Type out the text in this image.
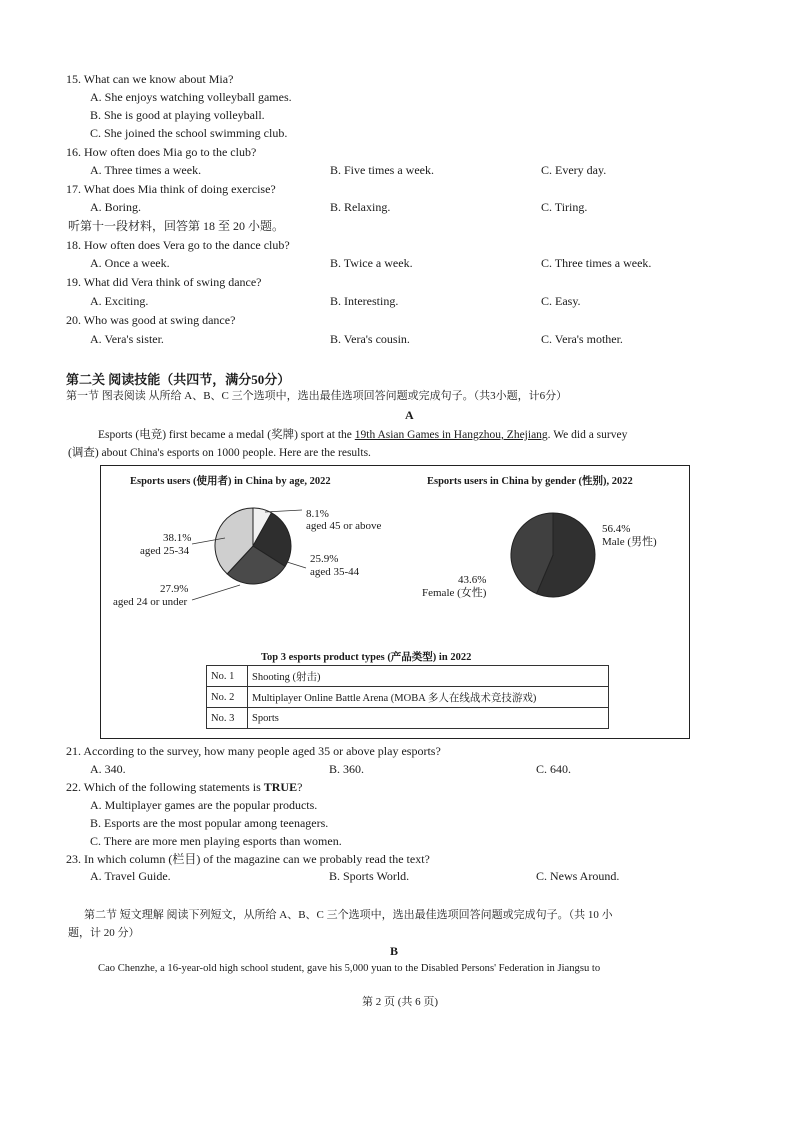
15. What can we know about Mia?
A. She enjoys watching volleyball games.
B. She is good at playing volleyball.
C. She joined the school swimming club.
16. How often does Mia go to the club?
A. Three times a week.	B. Five times a week.	C. Every day.
17. What does Mia think of doing exercise?
A. Boring.	B. Relaxing.	C. Tiring.
听第十一段材料，回答第 18 至 20 小题。
18. How often does Vera go to the dance club?
A. Once a week.	B. Twice a week.	C. Three times a week.
19. What did Vera think of swing dance?
A. Exciting.	B. Interesting.	C. Easy.
20. Who was good at swing dance?
A. Vera's sister.	B. Vera's cousin.	C. Vera's mother.
第二关 阅读技能（共四节，满分50分）
第一节 图表阅读 从所给 A、B、C 三个选项中，选出最佳选项回答问题或完成句子。（共3小题，计6分）
A
Esports (电竞) first became a medal (奖牌) sport at the 19th Asian Games in Hangzhou, Zhejiang. We did a survey
(调查) about China's esports on 1000 people. Here are the results.
Esports users (使用者) in China by age, 2022
8.1%
aged 45 or above
25.9%
aged 35-44
38.1%
aged 25-34
27.9%
aged 24 or under
Esports users in China by gender (性别), 2022
56.4%
Male (男性)
43.6%
Female (女性)
Top 3 esports product types (产品类型) in 2022
No. 1	Shooting (射击)
No. 2	Multiplayer Online Battle Arena (MOBA 多人在线战术竞技游戏)
No. 3	Sports
21. According to the survey, how many people aged 35 or above play esports?
A. 340.	B. 360.	C. 640.
22. Which of the following statements is TRUE?
A. Multiplayer games are the popular products.
B. Esports are the most popular among teenagers.
C. There are more men playing esports than women.
23. In which column (栏目) of the magazine can we probably read the text?
A. Travel Guide.	B. Sports World.	C. News Around.
第二节 短文理解 阅读下列短文，从所给 A、B、C 三个选项中，选出最佳选项回答问题或完成句子。（共 10 小
题，计 20 分）
B
Cao Chenzhe, a 16-year-old high school student, gave his 5,000 yuan to the Disabled Persons' Federation in Jiangsu to
第 2 页 (共 6 页)
